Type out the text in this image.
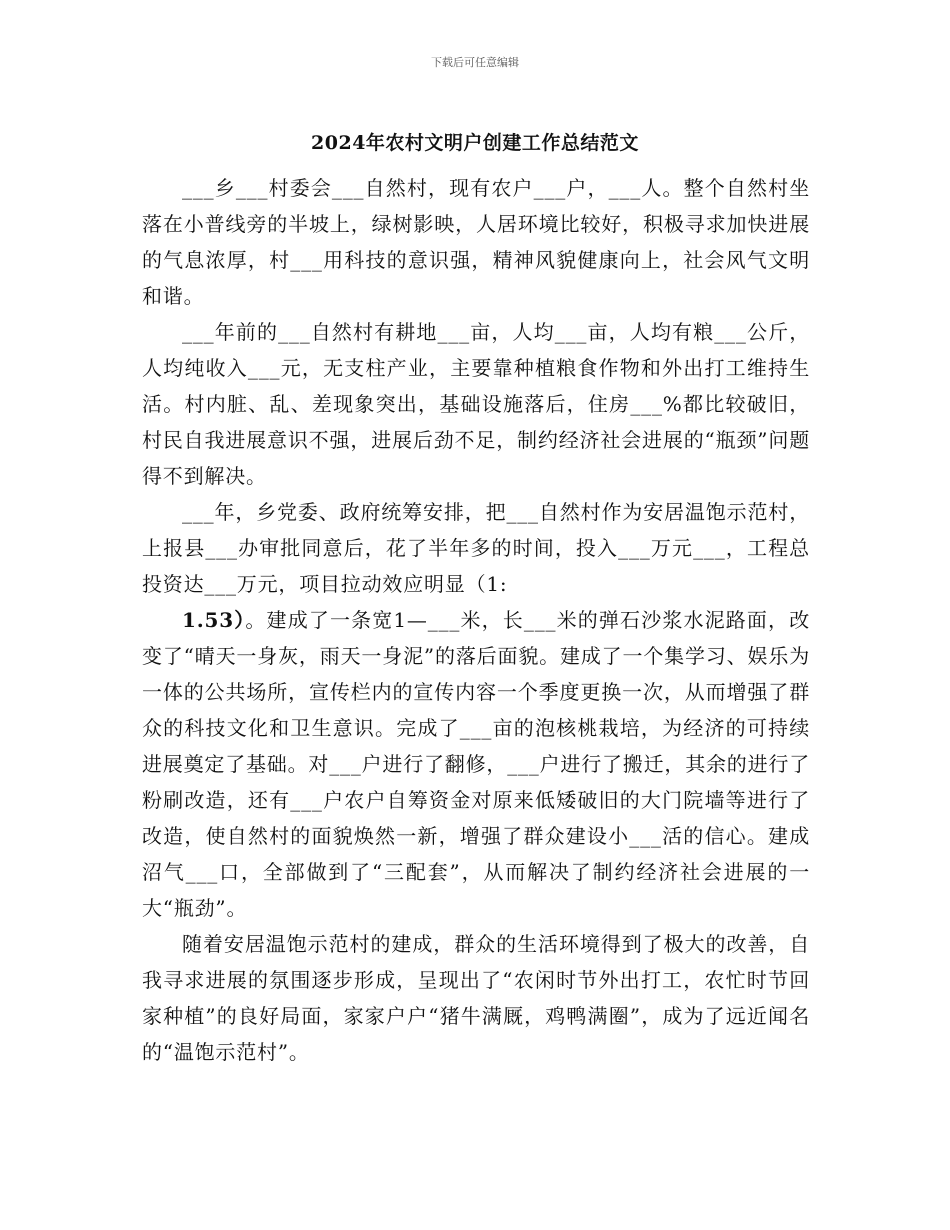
下载后可任意编辑
2024年农村文明户创建工作总结范文

___乡___村委会___自然村，现有农户___户，___人。整个自然村坐落在小普线旁的半坡上，绿树影映，人居环境比较好，积极寻求加快进展的气息浓厚，村___用科技的意识强，精神风貌健康向上，社会风气文明和谐。

___年前的___自然村有耕地___亩，人均___亩，人均有粮___公斤，人均纯收入___元，无支柱产业，主要靠种植粮食作物和外出打工维持生活。村内脏、乱、差现象突出，基础设施落后，住房___%都比较破旧，村民自我进展意识不强，进展后劲不足，制约经济社会进展的“瓶颈”问题得不到解决。

___年，乡党委、政府统筹安排，把___自然村作为安居温饱示范村，上报县___办审批同意后，花了半年多的时间，投入___万元___，工程总投资达___万元，项目拉动效应明显（1:

1.53）。建成了一条宽1—___米，长___米的弹石沙浆水泥路面，改变了“晴天一身灰，雨天一身泥”的落后面貌。建成了一个集学习、娱乐为一体的公共场所，宣传栏内的宣传内容一个季度更换一次，从而增强了群众的科技文化和卫生意识。完成了___亩的泡核桃栽培，为经济的可持续进展奠定了基础。对___户进行了翻修，___户进行了搬迁，其余的进行了粉刷改造，还有___户农户自筹资金对原来低矮破旧的大门院墙等进行了改造，使自然村的面貌焕然一新，增强了群众建设小___活的信心。建成沼气___口，全部做到了“三配套”，从而解决了制约经济社会进展的一大“瓶劲”。

随着安居温饱示范村的建成，群众的生活环境得到了极大的改善，自我寻求进展的氛围逐步形成，呈现出了“农闲时节外出打工，农忙时节回家种植”的良好局面，家家户户“猪牛满厩，鸡鸭满圈”，成为了远近闻名的“温饱示范村”。
